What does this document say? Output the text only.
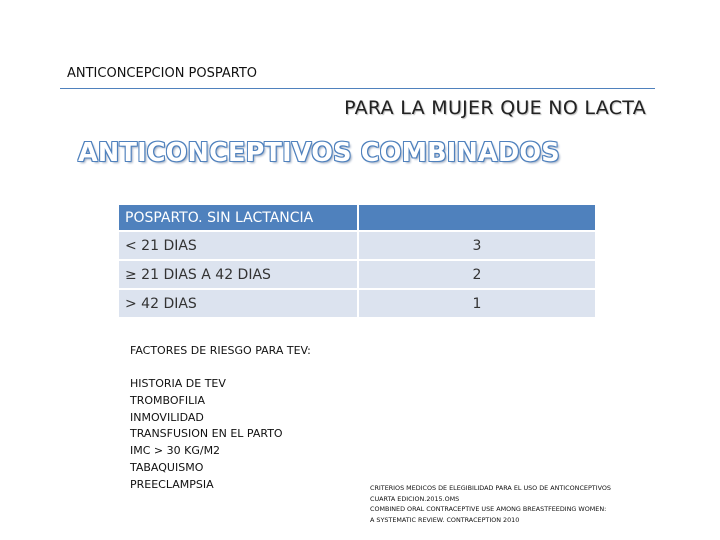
ANTICONCEPCION POSPARTO
PARA LA MUJER QUE NO LACTA
ANTICONCEPTIVOS COMBINADOS
POSPARTO. SIN LACTANCIA	
< 21 DIAS	3
≥ 21 DIAS A 42 DIAS	2
> 42 DIAS	1
FACTORES DE RIESGO PARA TEV:
HISTORIA DE TEV
TROMBOFILIA
INMOVILIDAD
TRANSFUSION EN EL PARTO
IMC > 30 KG/M2
TABAQUISMO
PREECLAMPSIA	CRITERIOS MEDICOS DE ELEGIBILIDAD PARA EL USO DE ANTICONCEPTIVOS
CUARTA EDICION.2015.OMS
COMBINED ORAL CONTRACEPTIVE USE AMONG BREASTFEEDING WOMEN:
A SYSTEMATIC REVIEW. CONTRACEPTION 2010
